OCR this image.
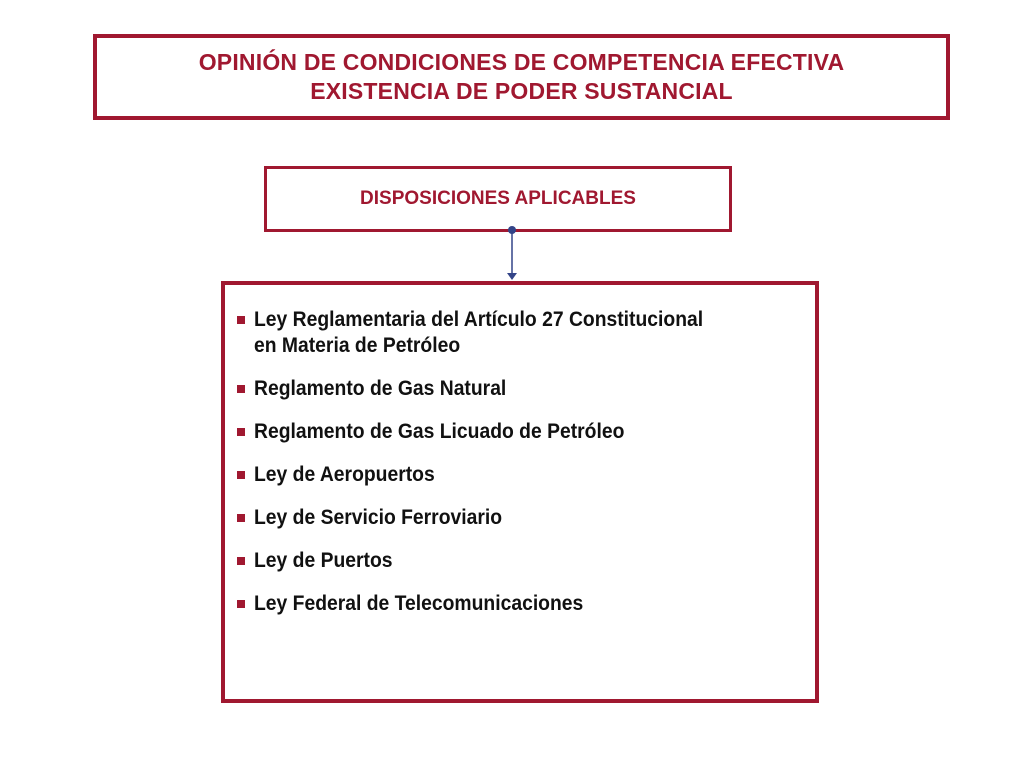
OPINIÓN DE CONDICIONES DE COMPETENCIA EFECTIVA
EXISTENCIA DE PODER SUSTANCIAL
DISPOSICIONES APLICABLES
Ley Reglamentaria del Artículo 27 Constitucional
en Materia de Petróleo
Reglamento de Gas Natural
Reglamento de Gas Licuado de Petróleo
Ley de Aeropuertos
Ley de Servicio Ferroviario
Ley de Puertos
Ley Federal de Telecomunicaciones
